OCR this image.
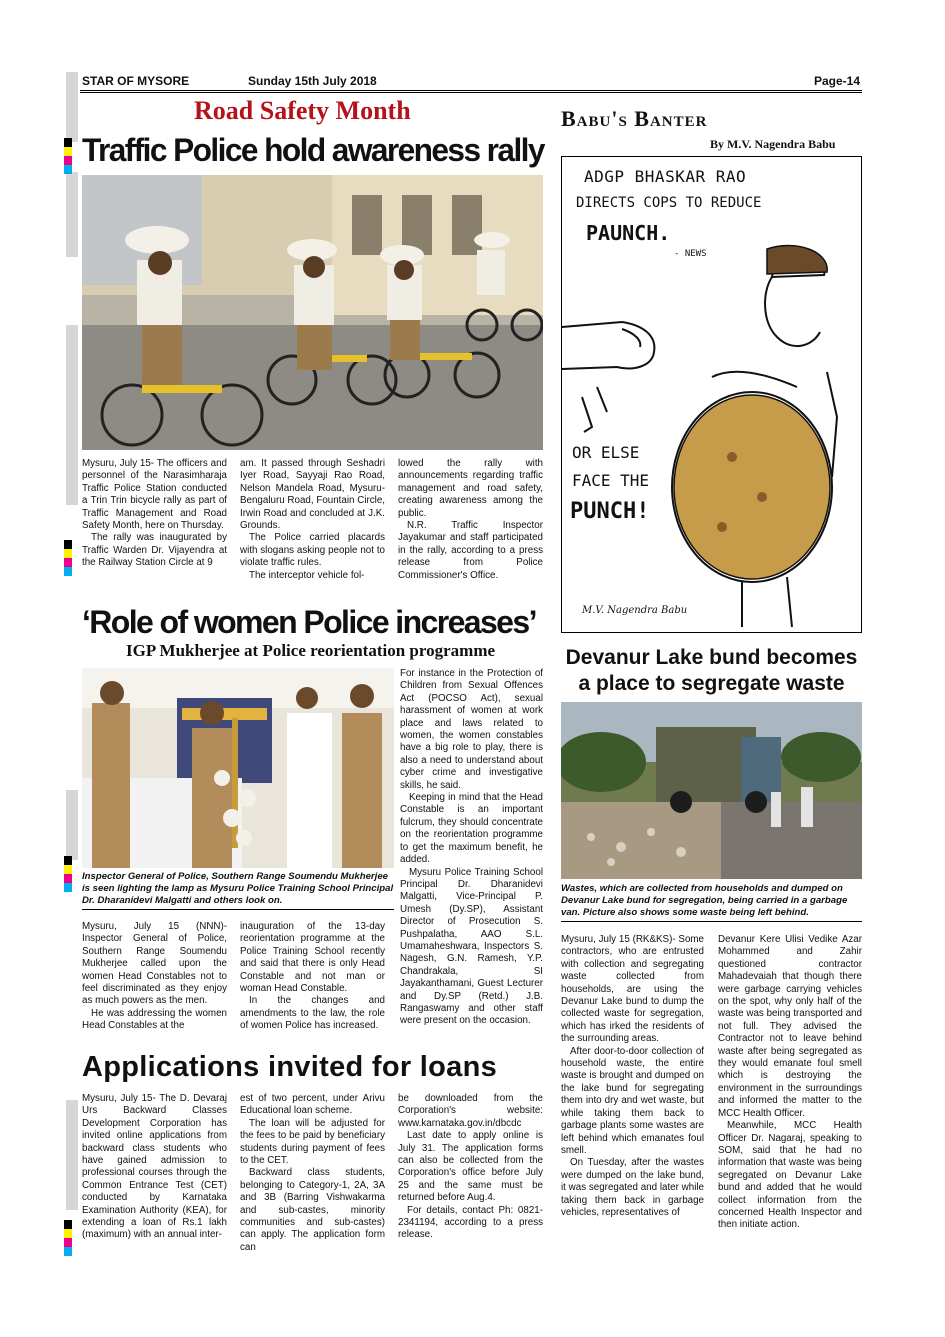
STAR OF MYSORE	Sunday 15th July 2018	Page-14
Road Safety Month
Traffic Police hold awareness rally

Mysuru, July 15- The officers and personnel of the Narasimharaja Traffic Police Station conducted a Trin Trin bicycle rally as part of Traffic Management and Road Safety Month, here on Thursday.

The rally was inaugurated by Traffic Warden Dr. Vijayendra at the Railway Station Circle at 9

am. It passed through Seshadri Iyer Road, Sayyaji Rao Road, Nelson Mandela Road, Mysuru-Bengaluru Road, Fountain Circle, Irwin Road and concluded at J.K. Grounds.

The Police carried placards with slogans asking people not to violate traffic rules.

The interceptor vehicle fol-

lowed the rally with announcements regarding traffic management and road safety, creating awareness among the public.

N.R. Traffic Inspector Jayakumar and staff participated in the rally, according to a press release from Police Commissioner's Office.

Babu's Banter
By M.V. Nagendra Babu
ADGP BHASKAR RAO
DIRECTS COPS TO REDUCE
PAUNCH.
- NEWS
OR ELSE
FACE THE
PUNCH!
M.V. Nagendra Babu
‘Role of women Police increases’
IGP Mukherjee at Police reorientation programme
Inspector General of Police, Southern Range Soumendu Mukherjee is seen lighting the lamp as Mysuru Police Training School Principal Dr. Dharanidevi Malgatti and others look on.

Mysuru, July 15 (NNN)- Inspector General of Police, Southern Range Soumendu Mukherjee called upon the women Head Constables not to feel discriminated as they enjoy as much powers as the men.

He was addressing the women Head Constables at the

inauguration of the 13-day reorientation programme at the Police Training School recently and said that there is only Head Constable and not man or woman Head Constable.

In the changes and amendments to the law, the role of women Police has increased.

For instance in the Protection of Children from Sexual Offences Act (POCSO Act), sexual harassment of women at work place and laws related to women, the women constables have a big role to play, there is also a need to understand about cyber crime and investigative skills, he said.

Keeping in mind that the Head Constable is an important fulcrum, they should concentrate on the reorientation programme to get the maximum benefit, he added.

Mysuru Police Training School Principal Dr. Dharanidevi Malgatti, Vice-Principal P. Umesh (Dy.SP), Assistant Director of Prosecution S. Pushpalatha, AAO S.L. Umamaheshwara, Inspectors S. Nagesh, G.N. Ramesh, Y.P. Chandrakala, SI Jayakanthamani, Guest Lecturer and Dy.SP (Retd.) J.B. Rangaswamy and other staff were present on the occasion.

Devanur Lake bund becomes
a place to segregate waste
Wastes, which are collected from households and dumped on Devanur Lake bund for segregation, being carried in a garbage van. Picture also shows some waste being left behind.

Mysuru, July 15 (RK&KS)- Some contractors, who are entrusted with collection and segregating waste collected from households, are using the Devanur Lake bund to dump the collected waste for segregation, which has irked the residents of the surrounding areas.

After door-to-door collection of household waste, the entire waste is brought and dumped on the lake bund for segregating them into dry and wet waste, but while taking them back to garbage plants some wastes are left behind which emanates foul smell.

On Tuesday, after the wastes were dumped on the lake bund, it was segregated and later while taking them back in garbage vehicles, representatives of

Devanur Kere Ulisi Vedike Azar Mohammed and Zahir questioned contractor Mahadevaiah that though there were garbage carrying vehicles on the spot, why only half of the waste was being transported and not full. They advised the Contractor not to leave behind waste after being segregated as they would emanate foul smell which is destroying the environment in the surroundings and informed the matter to the MCC Health Officer.

Meanwhile, MCC Health Officer Dr. Nagaraj, speaking to SOM, said that he had no information that waste was being segregated on Devanur Lake bund and added that he would collect information from the concerned Health Inspector and then initiate action.

Applications invited for loans

Mysuru, July 15- The D. Devaraj Urs Backward Classes Development Corporation has invited online applications from backward class students who have gained admission to professional courses through the Common Entrance Test (CET) conducted by Karnataka Examination Authority (KEA), for extending a loan of Rs.1 lakh (maximum) with an annual inter-

est of two percent, under Arivu Educational loan scheme.

The loan will be adjusted for the fees to be paid by beneficiary students during payment of fees to the CET.

Backward class students, belonging to Category-1, 2A, 3A and 3B (Barring Vishwakarma and sub-castes, minority communities and sub-castes) can apply. The application form can

be downloaded from the Corporation's website: www.karnataka.gov.in/dbcdc

Last date to apply online is July 31. The application forms can also be collected from the Corporation's office before July 25 and the same must be returned before Aug.4.

For details, contact Ph: 0821-2341194, according to a press release.
